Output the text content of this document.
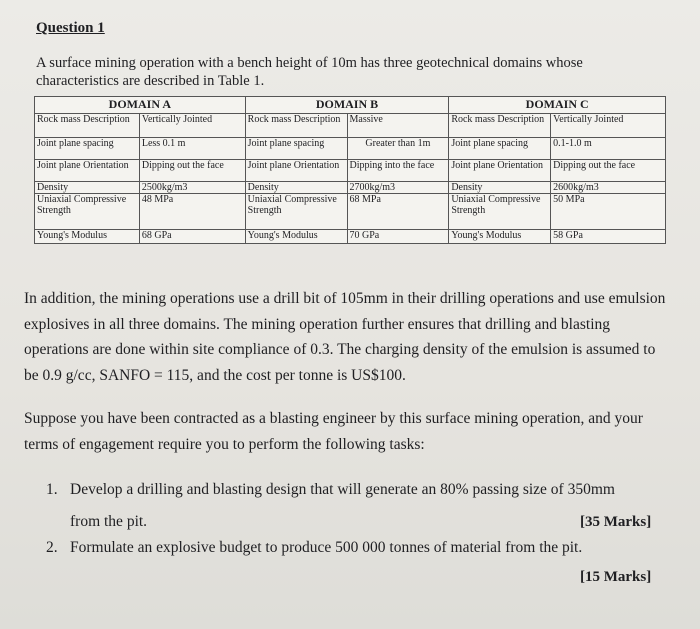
Question 1
A surface mining operation with a bench height of 10m has three geotechnical domains whose characteristics are described in Table 1.
DOMAIN A		DOMAIN B		DOMAIN C	
Rock mass Description	Vertically Jointed	Rock mass Description	Massive	Rock mass Description	Vertically Jointed
Joint plane spacing	Less 0.1 m	Joint plane spacing	Greater than 1m	Joint plane spacing	0.1-1.0 m
Joint plane Orientation	Dipping out the face	Joint plane Orientation	Dipping into the face	Joint plane Orientation	Dipping out the face
Density	2500kg/m3	Density	2700kg/m3	Density	2600kg/m3
Uniaxial Compressive Strength	48 MPa	Uniaxial Compressive Strength	68 MPa	Uniaxial Compressive Strength	50 MPa
Young's Modulus	68 GPa	Young's Modulus	70 GPa	Young's Modulus	58 GPa
In addition, the mining operations use a drill bit of 105mm in their drilling operations and use emulsion explosives in all three domains. The mining operation further ensures that drilling and blasting operations are done within site compliance of 0.3. The charging density of the emulsion is assumed to be 0.9 g/cc, SANFO = 115, and the cost per tonne is US$100.
Suppose you have been contracted as a blasting engineer by this surface mining operation, and your terms of engagement require you to perform the following tasks:
1. Develop a drilling and blasting design that will generate an 80% passing size of 350mm
from the pit.	[35 Marks]
2. Formulate an explosive budget to produce 500 000 tonnes of material from the pit.
[15 Marks]
